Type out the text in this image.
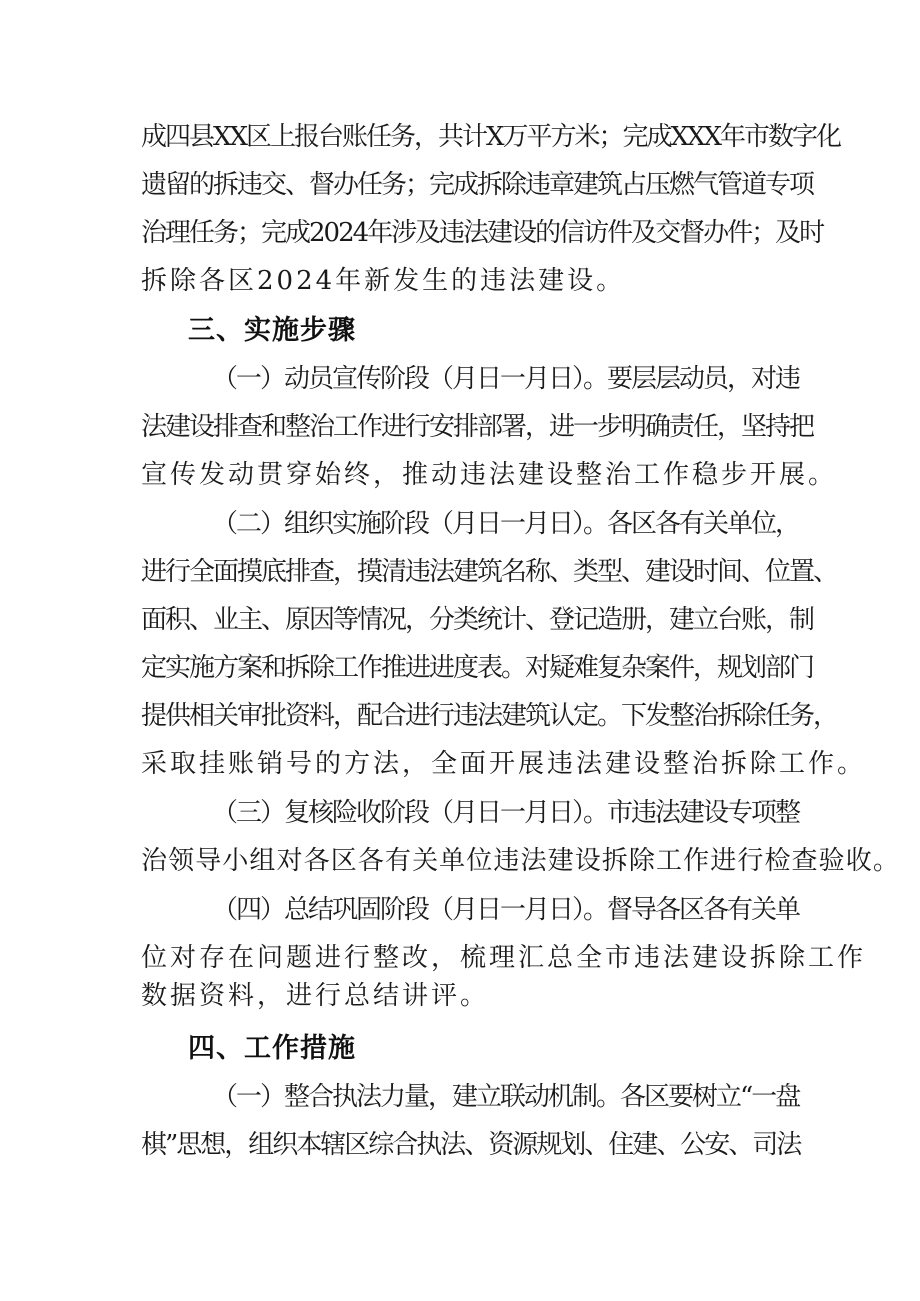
成四县XX区上报台账任务，共计X万平方米；完成XXX年市数字化
遗留的拆违交、督办任务；完成拆除违章建筑占压燃气管道专项
治理任务；完成2024年涉及违法建设的信访件及交督办件；及时
拆除各区2024年新发生的违法建设。
三、实施步骤
（一）动员宣传阶段（月日一月日）。要层层动员，对违
法建设排查和整治工作进行安排部署，进一步明确责任，坚持把
宣传发动贯穿始终，推动违法建设整治工作稳步开展。
（二）组织实施阶段（月日一月日）。各区各有关单位，
进行全面摸底排查，摸清违法建筑名称、类型、建设时间、位置、
面积、业主、原因等情况，分类统计、登记造册，建立台账，制
定实施方案和拆除工作推进进度表。对疑难复杂案件，规划部门
提供相关审批资料，配合进行违法建筑认定。下发整治拆除任务，
采取挂账销号的方法，全面开展违法建设整治拆除工作。
（三）复核险收阶段（月日一月日）。市违法建设专项整
治领导小组对各区各有关单位违法建设拆除工作进行检查验收。
（四）总结巩固阶段（月日一月日）。督导各区各有关单
位对存在问题进行整改，梳理汇总全市违法建设拆除工作
数据资料，进行总结讲评。
四、工作措施
（一）整合执法力量，建立联动机制。各区要树立“一盘
棋”思想，组织本辖区综合执法、资源规划、住建、公安、司法
